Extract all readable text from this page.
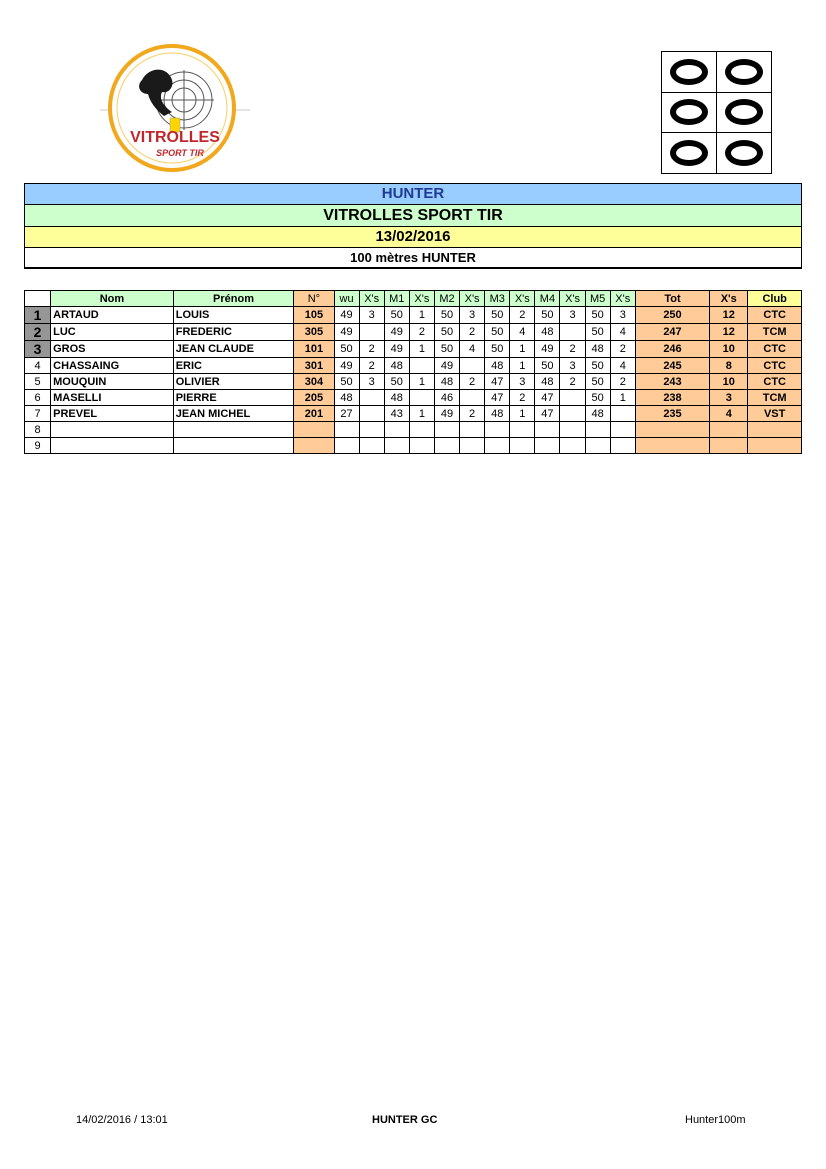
VITROLLES
SPORT TIR
HUNTER
VITROLLES SPORT TIR
13/02/2016
100 mètres HUNTER

	Nom	Prénom	N°	wu	X's	M1	X's	M2	X's	M3	X's	M4	X's	M5	X's	Tot	X's	Club
1	ARTAUD	LOUIS	105	49	3	50	1	50	3	50	2	50	3	50	3	250	12	CTC
2	LUC	FREDERIC	305	49		49	2	50	2	50	4	48		50	4	247	12	TCM
3	GROS	JEAN CLAUDE	101	50	2	49	1	50	4	50	1	49	2	48	2	246	10	CTC
4	CHASSAING	ERIC	301	49	2	48		49		48	1	50	3	50	4	245	8	CTC
5	MOUQUIN	OLIVIER	304	50	3	50	1	48	2	47	3	48	2	50	2	243	10	CTC
6	MASELLI	PIERRE	205	48		48		46		47	2	47		50	1	238	3	TCM
7	PREVEL	JEAN MICHEL	201	27		43	1	49	2	48	1	47		48		235	4	VST
8																		
9																		
14/02/2016 / 13:01	HUNTER GC	Hunter100m
